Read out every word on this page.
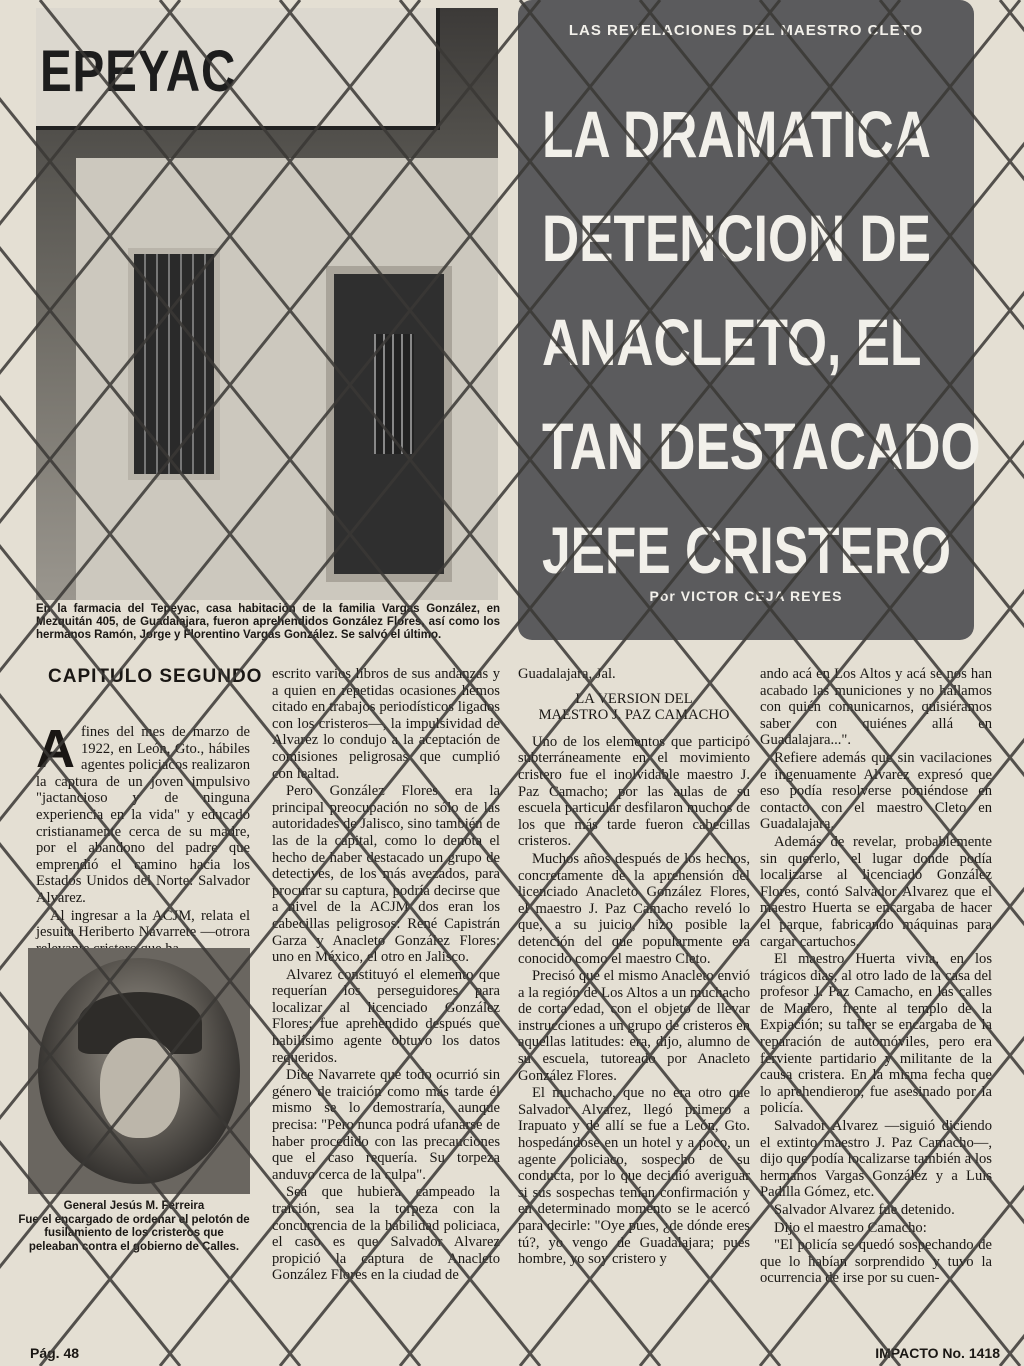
EPEYAC
En la farmacia del Tepeyac, casa habitación de la familia Vargas González, en Mezquitán 405, de Guadalajara, fueron aprehendidos González Flores, así como los hermanos Ramón, Jorge y Florentino Vargas González. Se salvó el último.
LAS REVELACIONES DEL MAESTRO CLETO
LA DRAMATICA
DETENCION DE
ANACLETO, EL
TAN DESTACADO
JEFE CRISTERO
Por VICTOR CEJA REYES
CAPITULO SEGUNDO

Afines del mes de marzo de 1922, en León, Gto., hábiles agentes policiacos realizaron la captura de un joven impulsivo "jactancioso y de ninguna experiencia en la vida" y educado cristianamente cerca de su madre, por el abandono del padre que emprendió el camino hacia los Estados Unidos del Norte: Salvador Alvarez.

Al ingresar a la ACJM, relata el jesuita Heriberto Navarrete —otrora

General Jesús M. Ferreira
Fue el encargado de ordenar el pelotón de fusilamiento de los cristeros que peleaban contra el gobierno de Calles.

escrito varios libros de sus andanzas y a quien en repetidas ocasiones hemos citado en trabajos periodísticos ligados con los cristeros—, la impulsividad de Alvarez lo condujo a la aceptación de comisiones peligrosas que cumplió con lealtad.

Pero González Flores era la principal preocupación no sólo de las autoridades de Jalisco, sino también de las de la capital, como lo denota el hecho de haber destacado un grupo de detectives, de los más avezados, para procurar su captura, podría decirse que a nivel de la ACJM dos eran los cabecillas peligrosos: René Capistrán Garza y Anacleto González Flores; uno en México, el otro en Jalisco.

Alvarez constituyó el elemento que requerían los perseguidores para localizar al licenciado González Flores; fue aprehendido después que habilísimo agente obtuvo los datos requeridos.

Dice Navarrete que todo ocurrió sin género de traición como más tarde él mismo se lo demostraría, aunque precisa: "Pero nunca podrá ufanarse de haber procedido con las precauciones que el caso requería. Su torpeza anduvo cerca de la culpa".

Sea que hubiera campeado la traición, sea la torpeza con la concurrencia de la habilidad policiaca, el caso es que Salvador Alvarez propició la captura de Anacleto González Flores en la ciudad de

Guadalajara, Jal.

LA VERSION DEL
MAESTRO J. PAZ CAMACHO

Uno de los elementos que participó subterráneamente en el movimiento cristero fue el inolvidable maestro J. Paz Camacho; por las aulas de su escuela particular desfilaron muchos de los que más tarde fueron cabecillas cristeros.

Muchos años después de los hechos, concretamente de la aprehensión del licenciado Anacleto González Flores, el maestro J. Paz Camacho reveló lo que, a su juicio, hizo posible la detención del que popularmente era conocido como el maestro Cleto.

Precisó que el mismo Anacleto envió a la región de Los Altos a un muchacho de corta edad, con el objeto de llevar instrucciones a un grupo de cristeros en aquellas latitudes: era, dijo, alumno de su escuela, tutoreado por Anacleto González Flores.

El muchacho, que no era otro que Salvador Alvarez, llegó primero a Irapuato y de allí se fue a León, Gto. hospedándose en un hotel y a poco, un agente policiaco, sospecho de su conducta, por lo que decidió averiguar si sus sospechas tenían confirmación y en determinado momento se le acercó para decirle: "Oye pues, ¿de dónde eres tú?, yo vengo de Guadalajara; pues hombre, yo soy cristero y

ando acá en Los Altos y acá se nos han acabado las municiones y no hallamos con quién comunicarnos, quisiéramos saber con quiénes allá en Guadalajara...".

Refiere además que sin vacilaciones e ingenuamente Alvarez expresó que eso podía resolverse poniéndose en contacto con el maestro Cleto en Guadalajara.

Además de revelar, probablemente sin quererlo, el lugar donde podía localizarse al licenciado González Flores, contó Salvador Alvarez que el maestro Huerta se encargaba de hacer el parque, fabricando máquinas para cargar cartuchos.

El maestro Huerta vivía, en los trágicos días, al otro lado de la casa del profesor J. Paz Camacho, en las calles de Madero, frente al templo de la Expiación; su taller se encargaba de la reparación de automóviles, pero era ferviente partidario y militante de la causa cristera. En la misma fecha que lo aprehendieron, fue asesinado por la policía.

Salvador Alvarez —siguió diciendo el extinto maestro J. Paz Camacho—, dijo que podía localizarse también a los hermanos Vargas González y a Luis Padilla Gómez, etc.

Salvador Alvarez fue detenido.

Dijo el maestro Camacho:

"El policía se quedó sospechando de que lo habían sorprendido y tuvo la ocurrencia de irse por su cuen-

Pág. 48	IMPACTO No. 1418
